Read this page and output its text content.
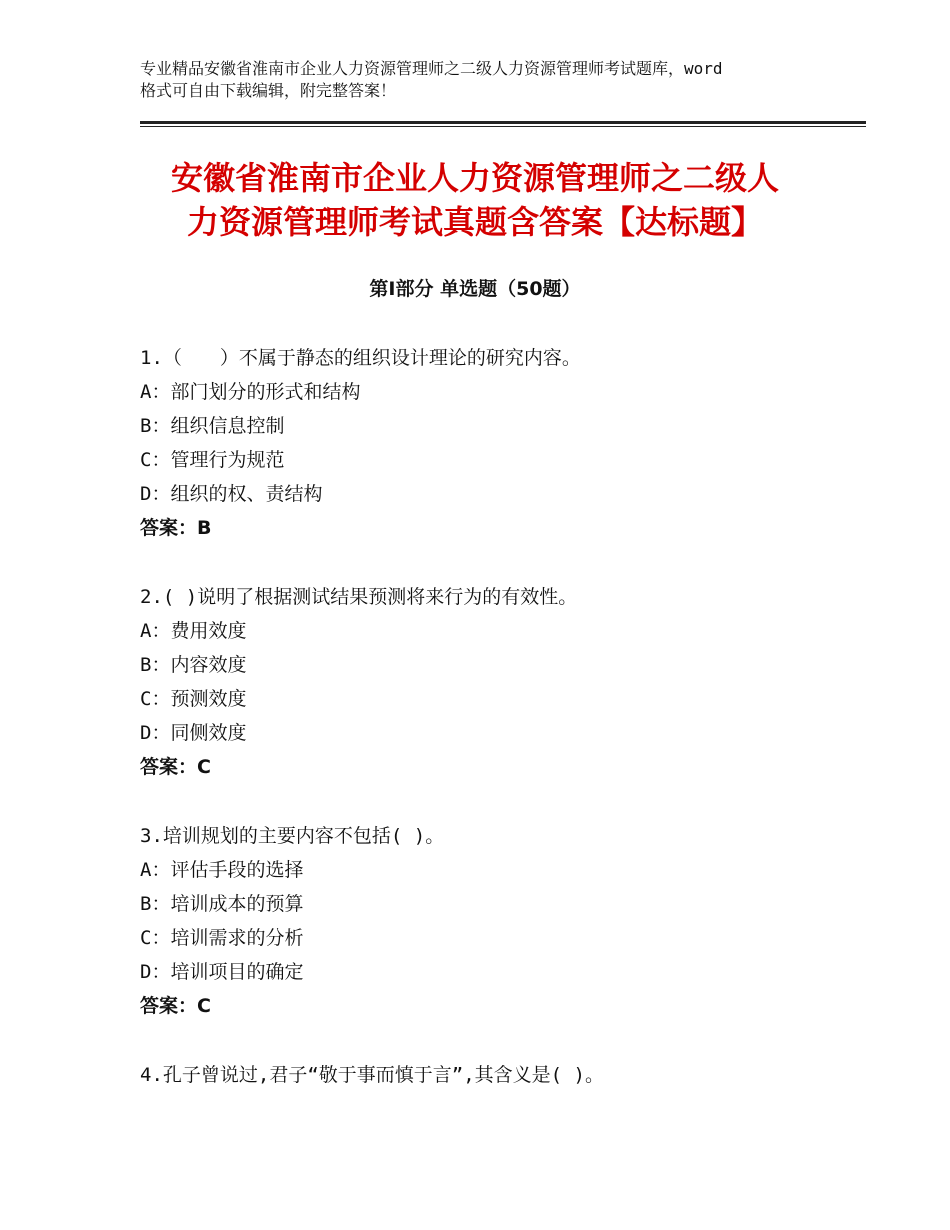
专业精品安徽省淮南市企业人力资源管理师之二级人力资源管理师考试题库，word
格式可自由下载编辑，附完整答案！
安徽省淮南市企业人力资源管理师之二级人
力资源管理师考试真题含答案【达标题】
第Ⅰ部分 单选题（50题）
1.（　　）不属于静态的组织设计理论的研究内容。
A：部门划分的形式和结构
B：组织信息控制
C：管理行为规范
D：组织的权、责结构
答案：B
2.( )说明了根据测试结果预测将来行为的有效性。
A：费用效度
B：内容效度
C：预测效度
D：同侧效度
答案：C
3.培训规划的主要内容不包括( )。
A：评估手段的选择
B：培训成本的预算
C：培训需求的分析
D：培训项目的确定
答案：C
4.孔子曾说过,君子“敬于事而慎于言”,其含义是( )。
